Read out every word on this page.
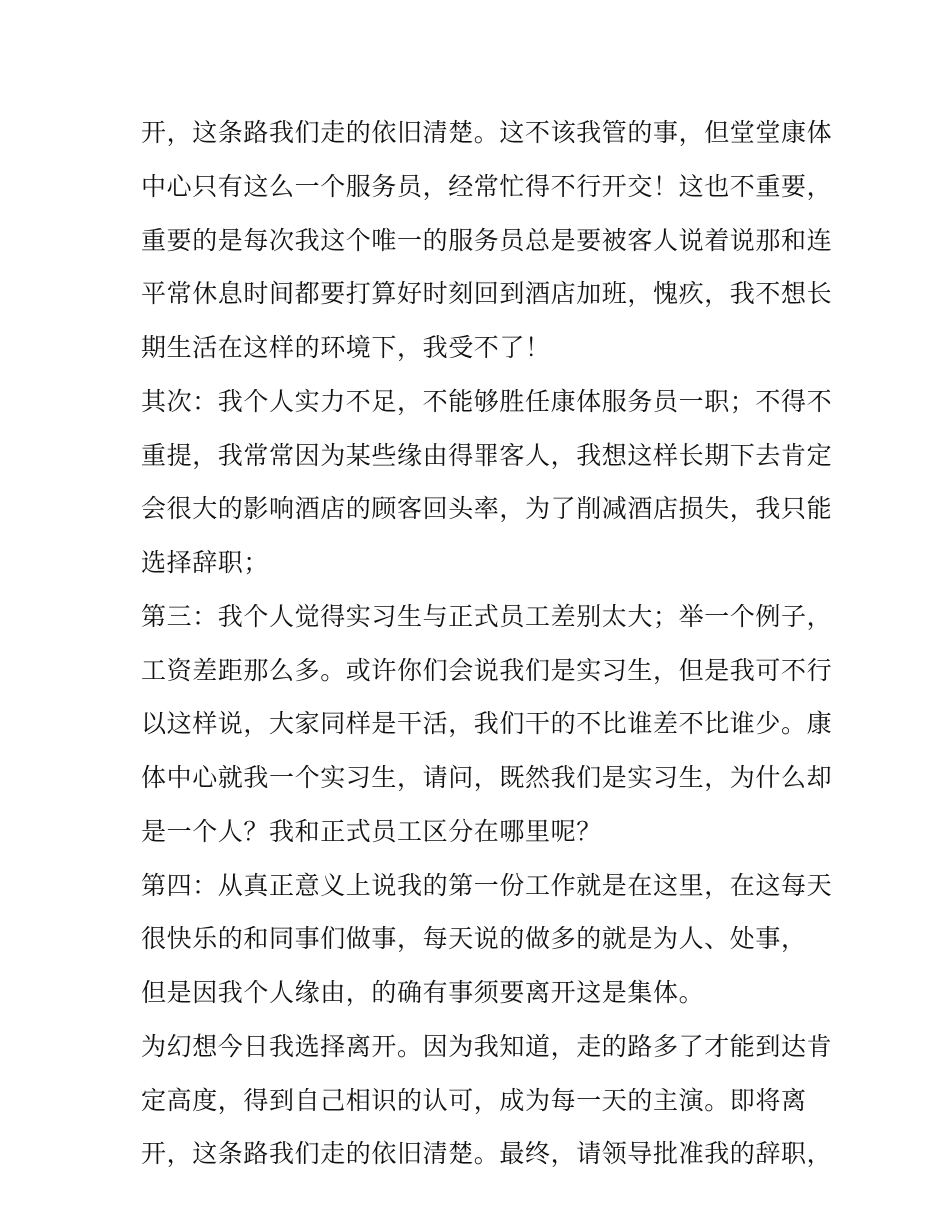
开，这条路我们走的依旧清楚。这不该我管的事，但堂堂康体
中心只有这么一个服务员，经常忙得不行开交！这也不重要，
重要的是每次我这个唯一的服务员总是要被客人说着说那和连
平常休息时间都要打算好时刻回到酒店加班，愧疚，我不想长
期生活在这样的环境下，我受不了！
其次：我个人实力不足，不能够胜任康体服务员一职；不得不
重提，我常常因为某些缘由得罪客人，我想这样长期下去肯定
会很大的影响酒店的顾客回头率，为了削减酒店损失，我只能
选择辞职；
第三：我个人觉得实习生与正式员工差别太大；举一个例子，
工资差距那么多。或许你们会说我们是实习生，但是我可不行
以这样说，大家同样是干活，我们干的不比谁差不比谁少。康
体中心就我一个实习生，请问，既然我们是实习生，为什么却
是一个人？我和正式员工区分在哪里呢？
第四：从真正意义上说我的第一份工作就是在这里，在这每天
很快乐的和同事们做事，每天说的做多的就是为人、处事，
但是因我个人缘由，的确有事须要离开这是集体。
为幻想今日我选择离开。因为我知道，走的路多了才能到达肯
定高度，得到自己相识的认可，成为每一天的主演。即将离
开，这条路我们走的依旧清楚。最终，请领导批准我的辞职，
